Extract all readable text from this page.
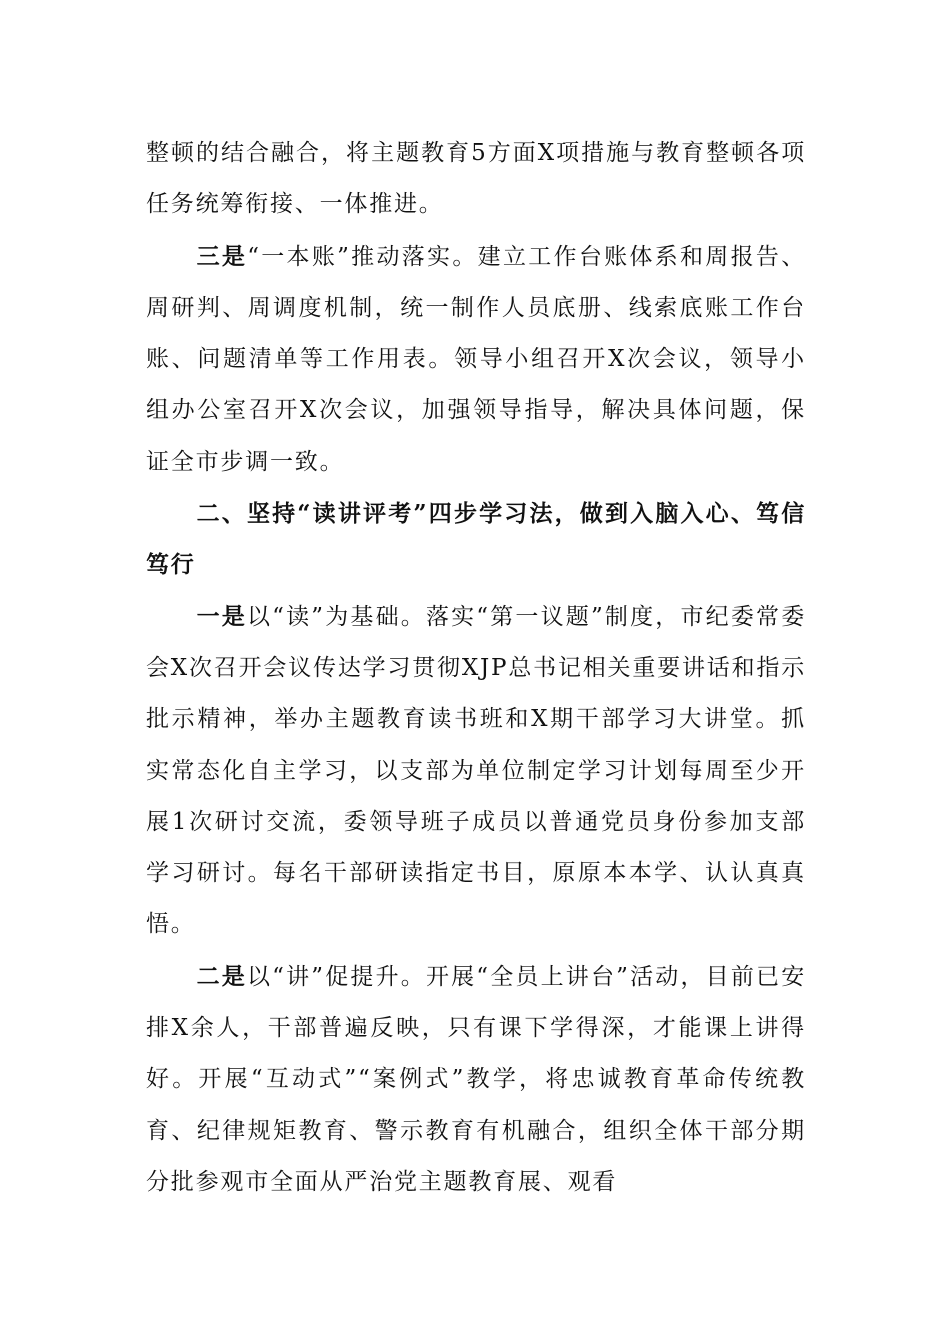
整顿的结合融合，将主题教育5方面X项措施与教育整顿各项任务统筹衔接、一体推进。

三是“一本账”推动落实。建立工作台账体系和周报告、周研判、周调度机制，统一制作人员底册、线索底账工作台账、问题清单等工作用表。领导小组召开X次会议，领导小组办公室召开X次会议，加强领导指导，解决具体问题，保证全市步调一致。

二、坚持“读讲评考”四步学习法，做到入脑入心、笃信笃行

一是以“读”为基础。落实“第一议题”制度，市纪委常委会X次召开会议传达学习贯彻XJP总书记相关重要讲话和指示批示精神，举办主题教育读书班和X期干部学习大讲堂。抓实常态化自主学习，以支部为单位制定学习计划每周至少开展1次研讨交流，委领导班子成员以普通党员身份参加支部学习研讨。每名干部研读指定书目，原原本本学、认认真真悟。

二是以“讲”促提升。开展“全员上讲台”活动，目前已安排X余人，干部普遍反映，只有课下学得深，才能课上讲得好。开展“互动式”“案例式”教学，将忠诚教育革命传统教育、纪律规矩教育、警示教育有机融合，组织全体干部分期分批参观市全面从严治党主题教育展、观看
